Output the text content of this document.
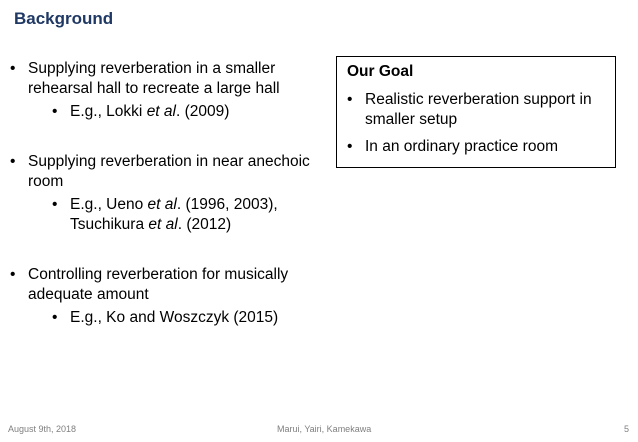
Background
• Supplying reverberation in a smaller rehearsal hall to recreate a large hall
• E.g., Lokki et al. (2009)
• Supplying reverberation in near anechoic room
• E.g., Ueno et al. (1996, 2003), Tsuchikura et al. (2012)
• Controlling reverberation for musically adequate amount
• E.g., Ko and Woszczyk (2015)
Our Goal
• Realistic reverberation support in smaller setup
• In an ordinary practice room
August 9th, 2018	Marui, Yairi, Kamekawa	5
